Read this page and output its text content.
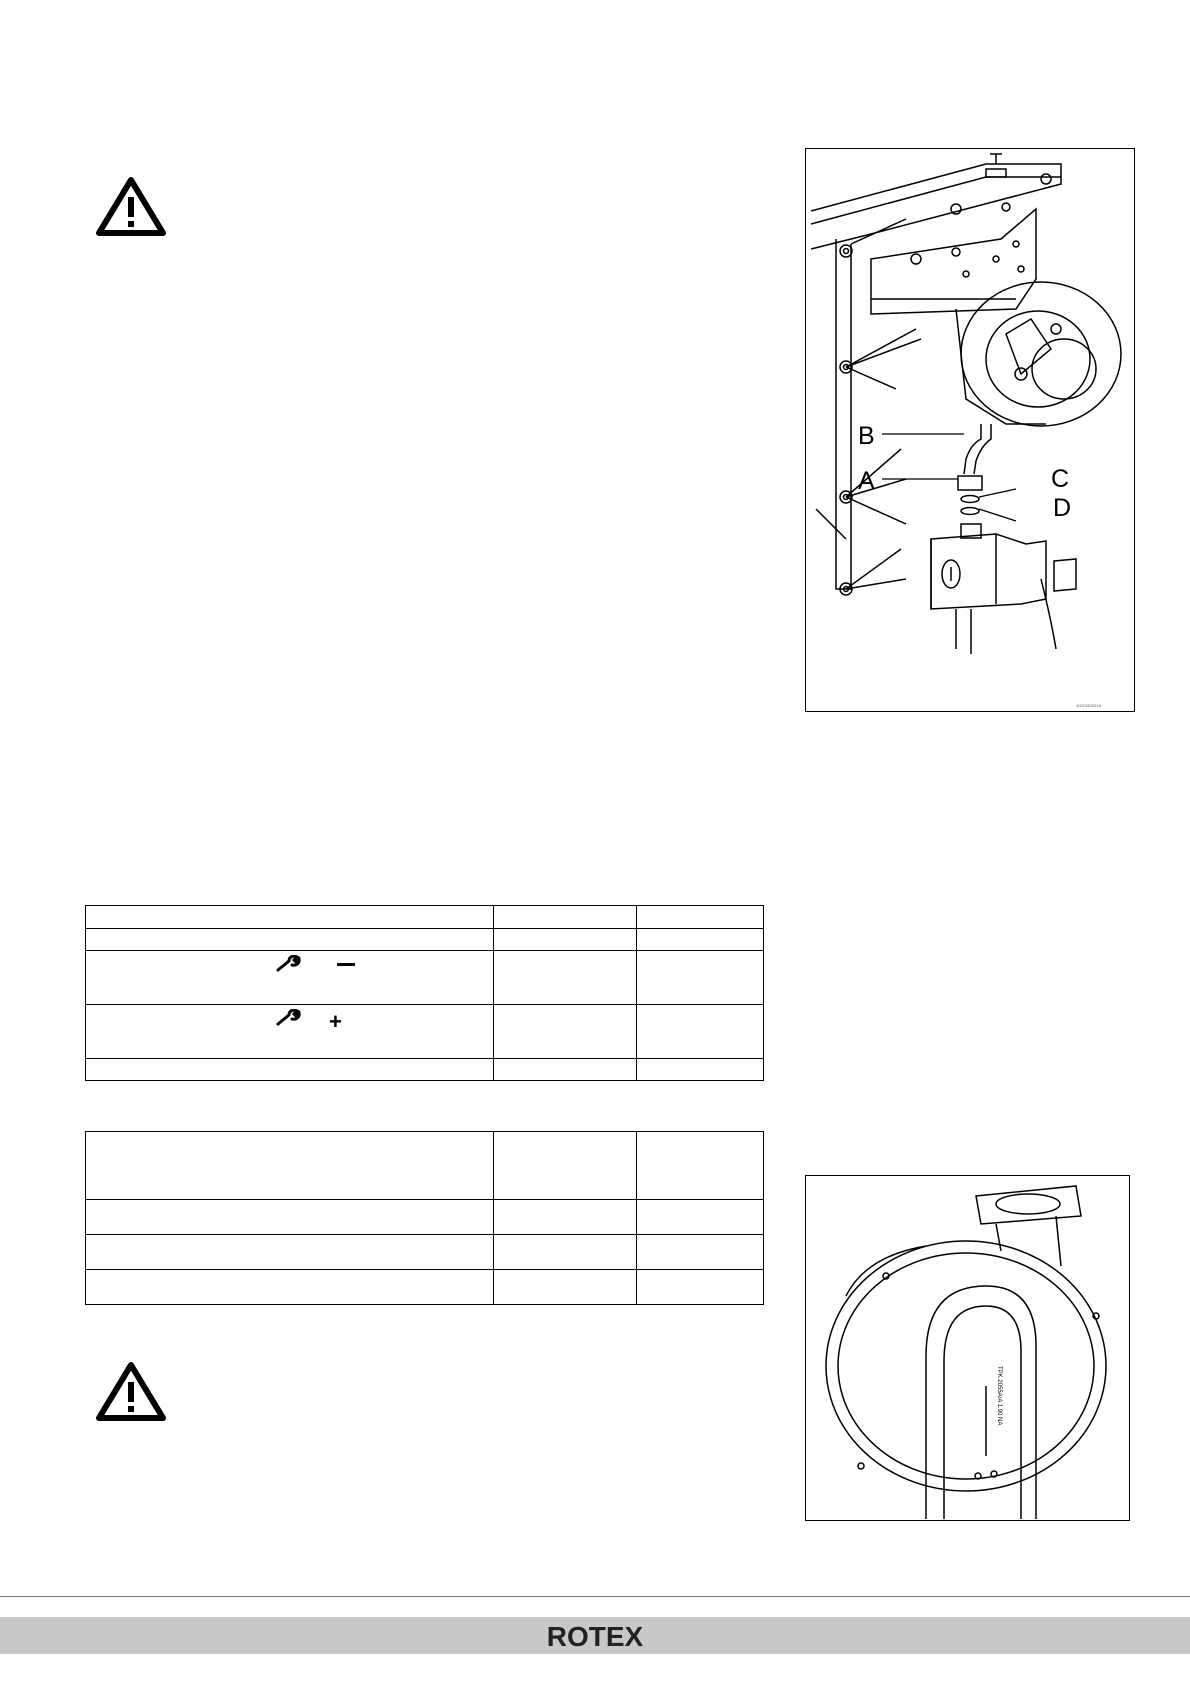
B
A	C
D
4007430Z01A

+		

TPK 2055A/A 1.90 NA
ROTEX
